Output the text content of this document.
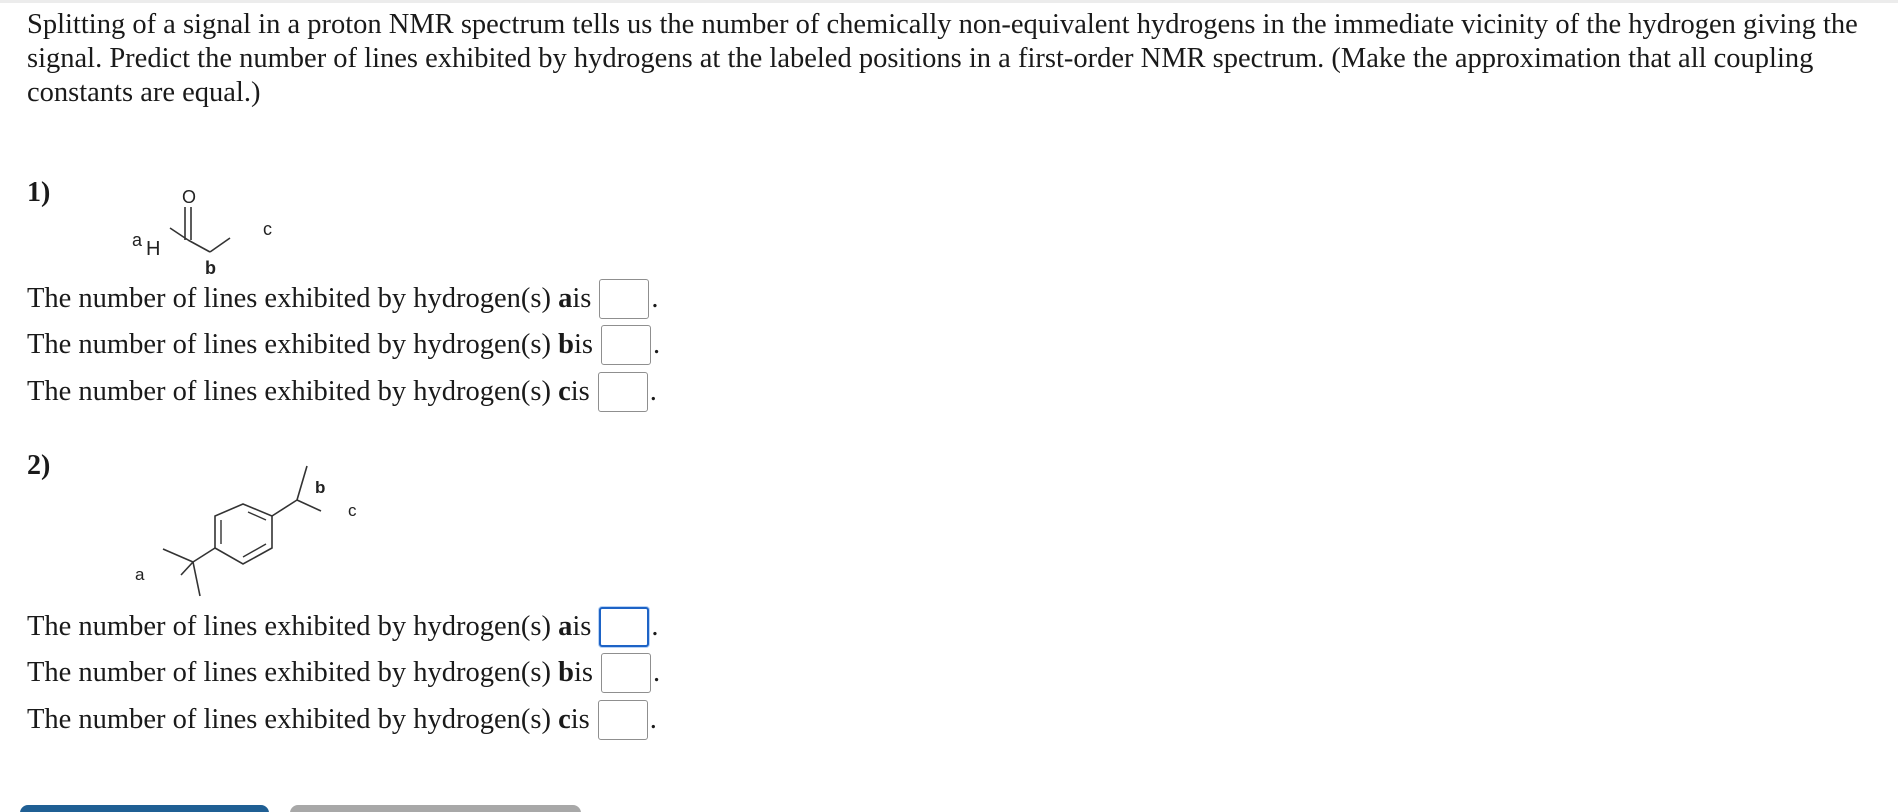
Splitting of a signal in a proton NMR spectrum tells us the number of chemically non-equivalent hydrogens in the immediate vicinity of the hydrogen giving the signal. Predict the number of lines exhibited by hydrogens at the labeled positions in a first-order NMR spectrum. (Make the approximation that all coupling constants are equal.)

1)	O
a H
b
c
The number of lines exhibited by hydrogen(s)
a is .
The number of lines exhibited by hydrogen(s)
b is .
The number of lines exhibited by hydrogen(s)
c is .
2)
b
c
a
The number of lines exhibited by hydrogen(s)
a is .
The number of lines exhibited by hydrogen(s)
b is .
The number of lines exhibited by hydrogen(s)
c is .
